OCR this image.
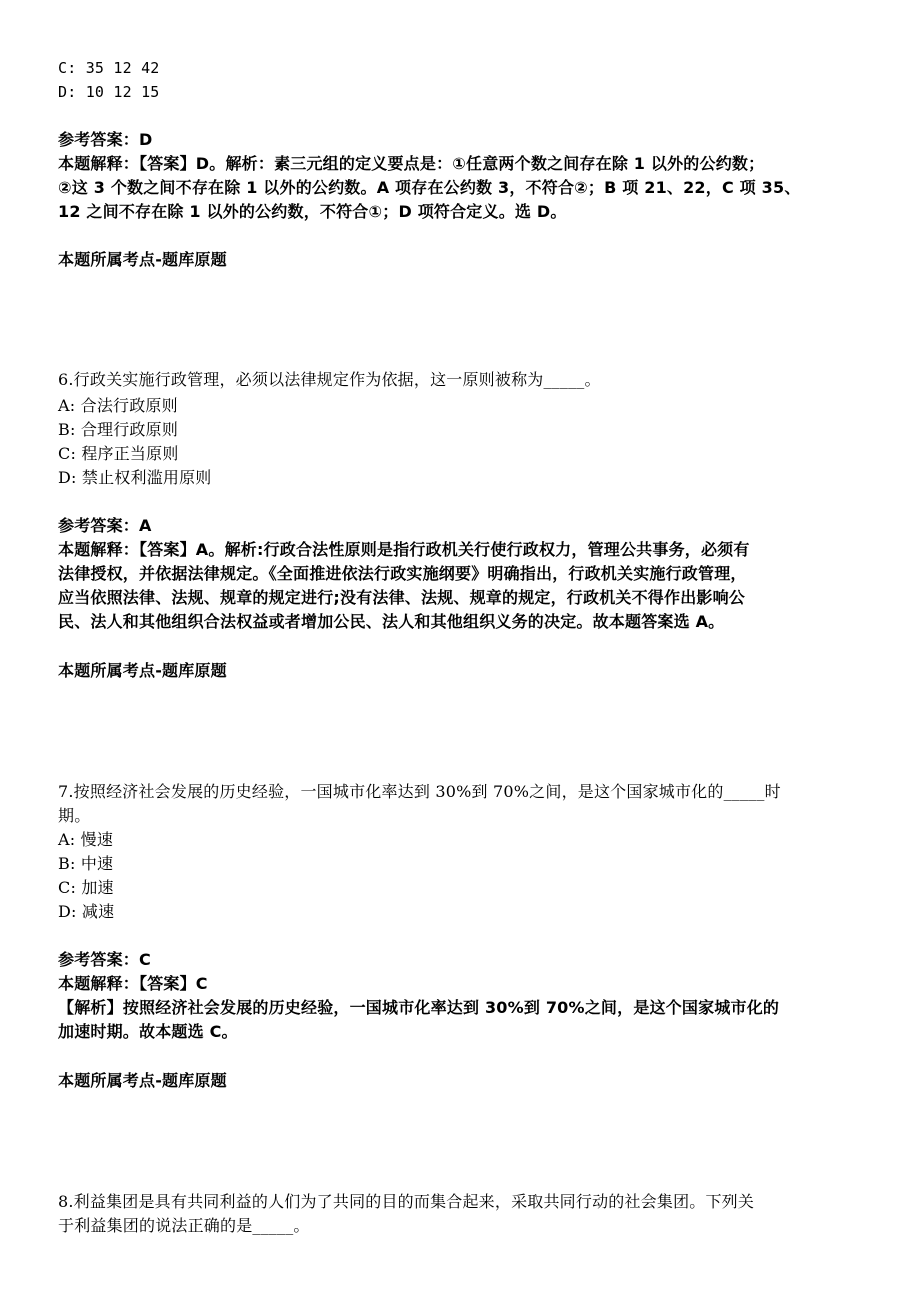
C: 35 12 42
D: 10 12 15
参考答案：D
本题解释：【答案】D。解析：素三元组的定义要点是：①任意两个数之间存在除 1 以外的公约数；
②这 3 个数之间不存在除 1 以外的公约数。A 项存在公约数 3，不符合②；B 项 21、22，C 项 35、
12 之间不存在除 1 以外的公约数，不符合①；D 项符合定义。选 D。
本题所属考点-题库原题
6.行政关实施行政管理，必须以法律规定作为依据，这一原则被称为_____。
A: 合法行政原则
B: 合理行政原则
C: 程序正当原则
D: 禁止权利滥用原则
参考答案：A
本题解释：【答案】A。解析:行政合法性原则是指行政机关行使行政权力，管理公共事务，必须有
法律授权，并依据法律规定。《全面推进依法行政实施纲要》明确指出，行政机关实施行政管理，
应当依照法律、法规、规章的规定进行;没有法律、法规、规章的规定，行政机关不得作出影响公
民、法人和其他组织合法权益或者增加公民、法人和其他组织义务的决定。故本题答案选 A。
本题所属考点-题库原题
7.按照经济社会发展的历史经验，一国城市化率达到 30%到 70%之间，是这个国家城市化的_____时
期。
A: 慢速
B: 中速
C: 加速
D: 减速
参考答案：C
本题解释：【答案】C
【解析】按照经济社会发展的历史经验，一国城市化率达到 30%到 70%之间，是这个国家城市化的
加速时期。故本题选 C。
本题所属考点-题库原题
8.利益集团是具有共同利益的人们为了共同的目的而集合起来，采取共同行动的社会集团。下列关
于利益集团的说法正确的是_____。
